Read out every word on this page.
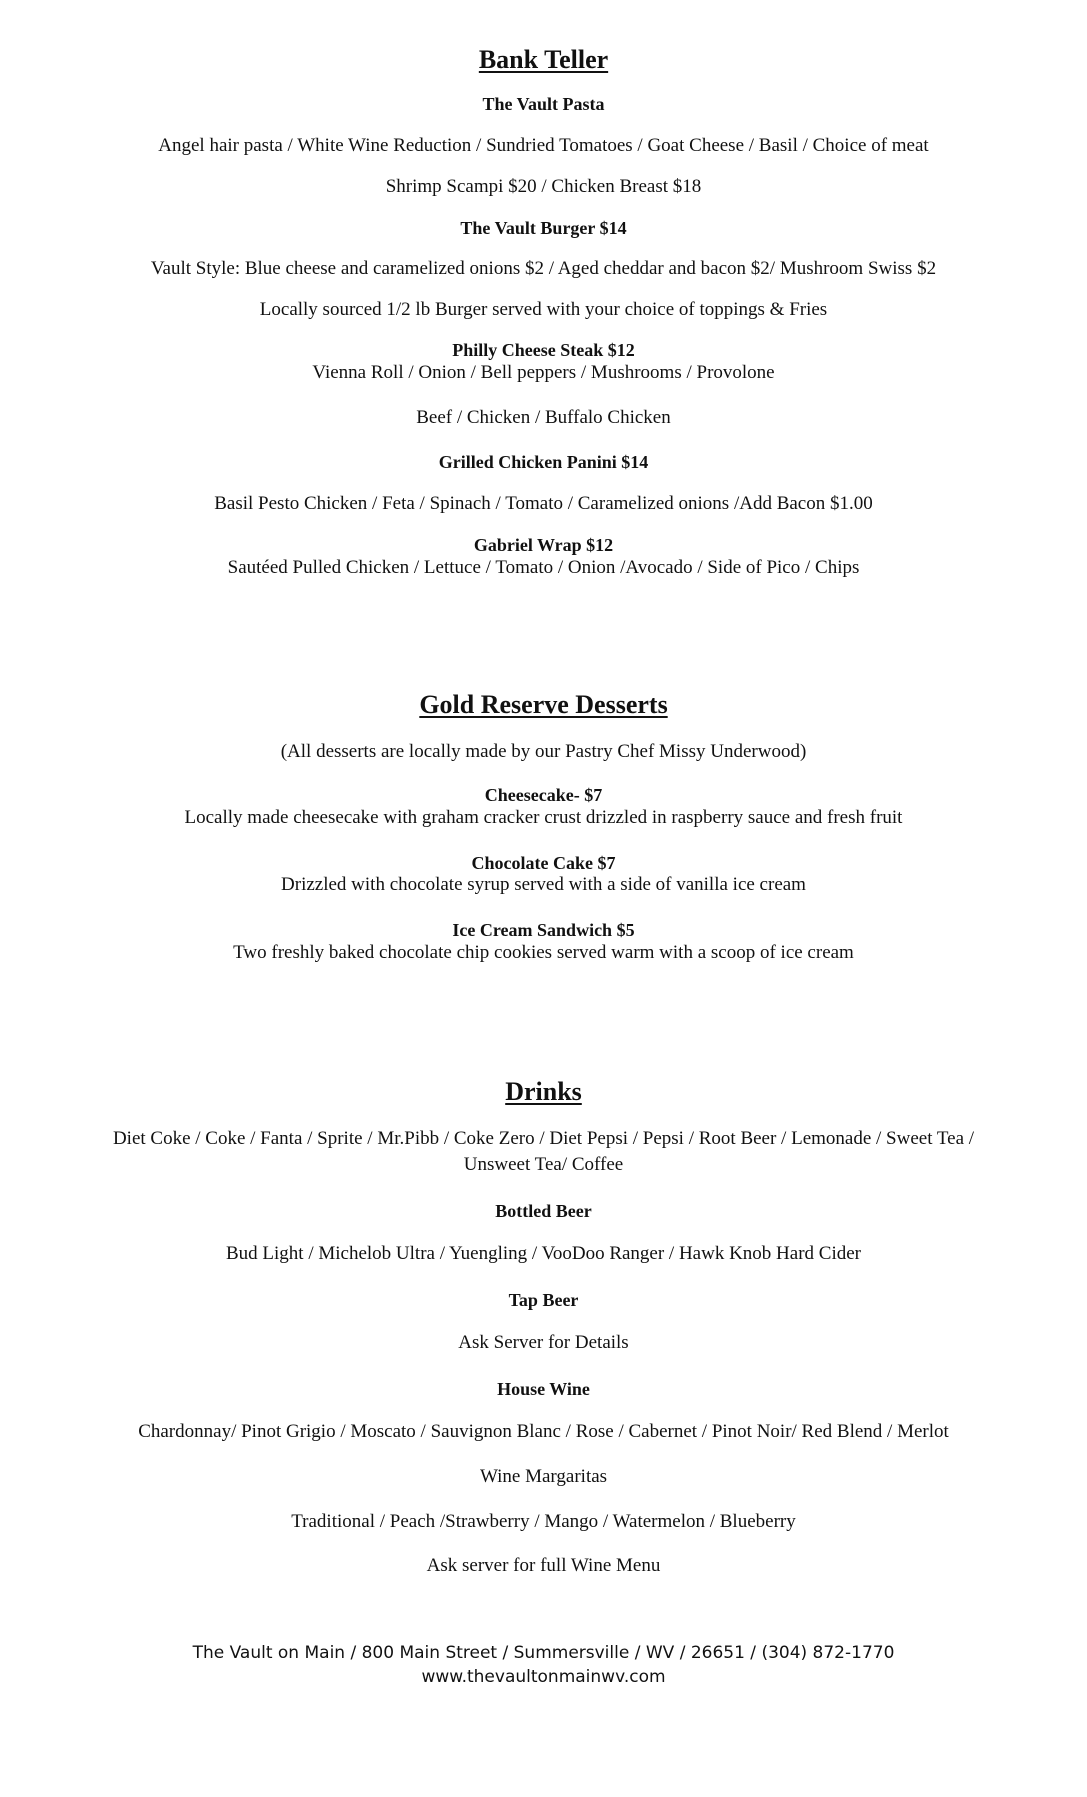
Bank Teller
The Vault Pasta
Angel hair pasta / White Wine Reduction / Sundried Tomatoes / Goat Cheese / Basil / Choice of meat
Shrimp Scampi $20 / Chicken Breast $18
The Vault Burger $14
Vault Style: Blue cheese and caramelized onions $2 / Aged cheddar and bacon $2/ Mushroom Swiss $2
Locally sourced 1/2 lb Burger served with your choice of toppings & Fries
Philly Cheese Steak $12
Vienna Roll / Onion / Bell peppers / Mushrooms / Provolone
Beef / Chicken / Buffalo Chicken
Grilled Chicken Panini $14
Basil Pesto Chicken / Feta / Spinach / Tomato / Caramelized onions /Add Bacon $1.00
Gabriel Wrap $12
Sautéed Pulled Chicken / Lettuce / Tomato / Onion /Avocado / Side of Pico / Chips
Gold Reserve Desserts
(All desserts are locally made by our Pastry Chef Missy Underwood)
Cheesecake- $7
Locally made cheesecake with graham cracker crust drizzled in raspberry sauce and fresh fruit
Chocolate Cake $7
Drizzled with chocolate syrup served with a side of vanilla ice cream
Ice Cream Sandwich $5
Two freshly baked chocolate chip cookies served warm with a scoop of ice cream
Drinks
Diet Coke / Coke / Fanta / Sprite / Mr.Pibb / Coke Zero / Diet Pepsi / Pepsi / Root Beer / Lemonade / Sweet Tea /
Unsweet Tea/ Coffee
Bottled Beer
Bud Light / Michelob Ultra / Yuengling / VooDoo Ranger / Hawk Knob Hard Cider
Tap Beer
Ask Server for Details
House Wine
Chardonnay/ Pinot Grigio / Moscato / Sauvignon Blanc / Rose / Cabernet / Pinot Noir/ Red Blend / Merlot
Wine Margaritas
Traditional / Peach /Strawberry / Mango / Watermelon / Blueberry
Ask server for full Wine Menu
The Vault on Main / 800 Main Street / Summersville / WV / 26651 / (304) 872-1770
www.thevaultonmainwv.com
